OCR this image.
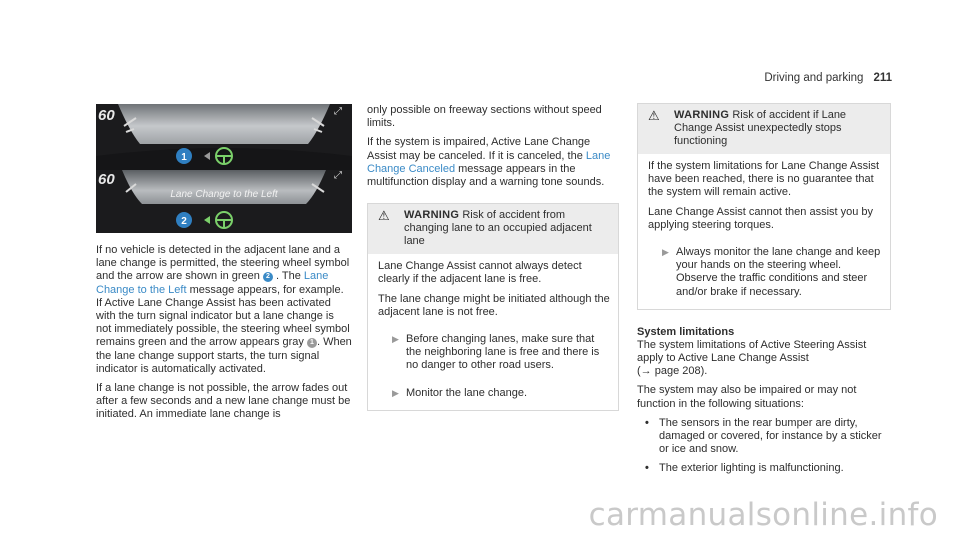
Driving and parking 211
60
60
⤢
⤢
Lane Change to the Left
1
2

If no vehicle is detected in the adjacent lane and a lane change is permitted, the steering wheel symbol and the arrow are shown in green 2 . The Lane Change to the Left message appears, for example. If Active Lane Change Assist has been activated with the turn signal indicator but a lane change is not immediately possible, the steering wheel symbol remains green and the arrow appears gray 1 . When the lane change support starts, the turn signal indicator is automatically activated.

If a lane change is not possible, the arrow fades out after a few seconds and a new lane change must be initiated. An immediate lane change is

only possible on freeway sections without speed limits.

If the system is impaired, Active Lane Change Assist may be canceled. If it is canceled, the Lane Change Canceled message appears in the multifunction display and a warning tone sounds.

⚠	WARNING Risk of accident from changing lane to an occupied adjacent lane

Lane Change Assist cannot always detect clearly if the adjacent lane is free.

The lane change might be initiated although the adjacent lane is not free.

▶ Before changing lanes, make sure that the neighboring lane is free and there is no danger to other road users.
▶ Monitor the lane change.
⚠	WARNING Risk of accident if Lane Change Assist unexpectedly stops functioning

If the system limitations for Lane Change Assist have been reached, there is no guarantee that the system will remain active.

Lane Change Assist cannot then assist you by applying steering torques.

▶ Always monitor the lane change and keep your hands on the steering wheel. Observe the traffic conditions and steer and/or brake if necessary.

System limitations

The system limitations of Active Steering Assist apply to Active Lane Change Assist
(→ page 208).

The system may also be impaired or may not function in the following situations:

• The sensors in the rear bumper are dirty, damaged or covered, for instance by a sticker or ice and snow.
• The exterior lighting is malfunctioning.
carmanualsonline.info
